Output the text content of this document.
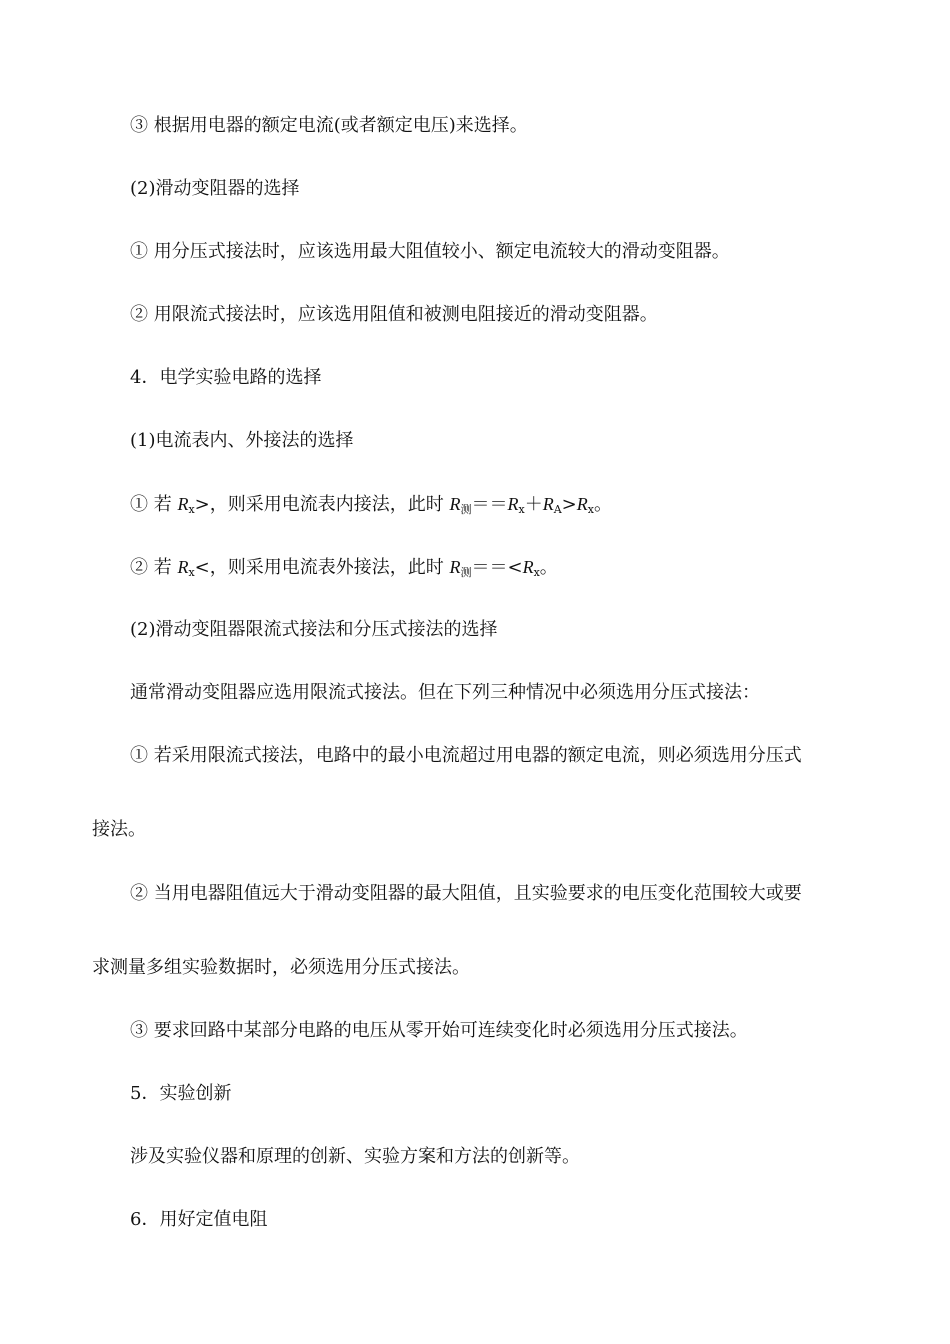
③ 根据用电器的额定电流(或者额定电压)来选择。
(2)滑动变阻器的选择
① 用分压式接法时，应该选用最大阻值较小、额定电流较大的滑动变阻器。
② 用限流式接法时，应该选用阻值和被测电阻接近的滑动变阻器。
4．电学实验电路的选择
(1)电流表内、外接法的选择
① 若 $R_x>$，则采用电流表内接法，此时 $R_测==R_x+R_A>R_x$。
② 若 $R_x<$，则采用电流表外接法，此时 $R_测==<R_x$。
(2)滑动变阻器限流式接法和分压式接法的选择
通常滑动变阻器应选用限流式接法。但在下列三种情况中必须选用分压式接法：
① 若采用限流式接法，电路中的最小电流超过用电器的额定电流，则必须选用分压式
接法。
② 当用电器阻值远大于滑动变阻器的最大阻值，且实验要求的电压变化范围较大或要
求测量多组实验数据时，必须选用分压式接法。
③ 要求回路中某部分电路的电压从零开始可连续变化时必须选用分压式接法。
5．实验创新
涉及实验仪器和原理的创新、实验方案和方法的创新等。
6．用好定值电阻
